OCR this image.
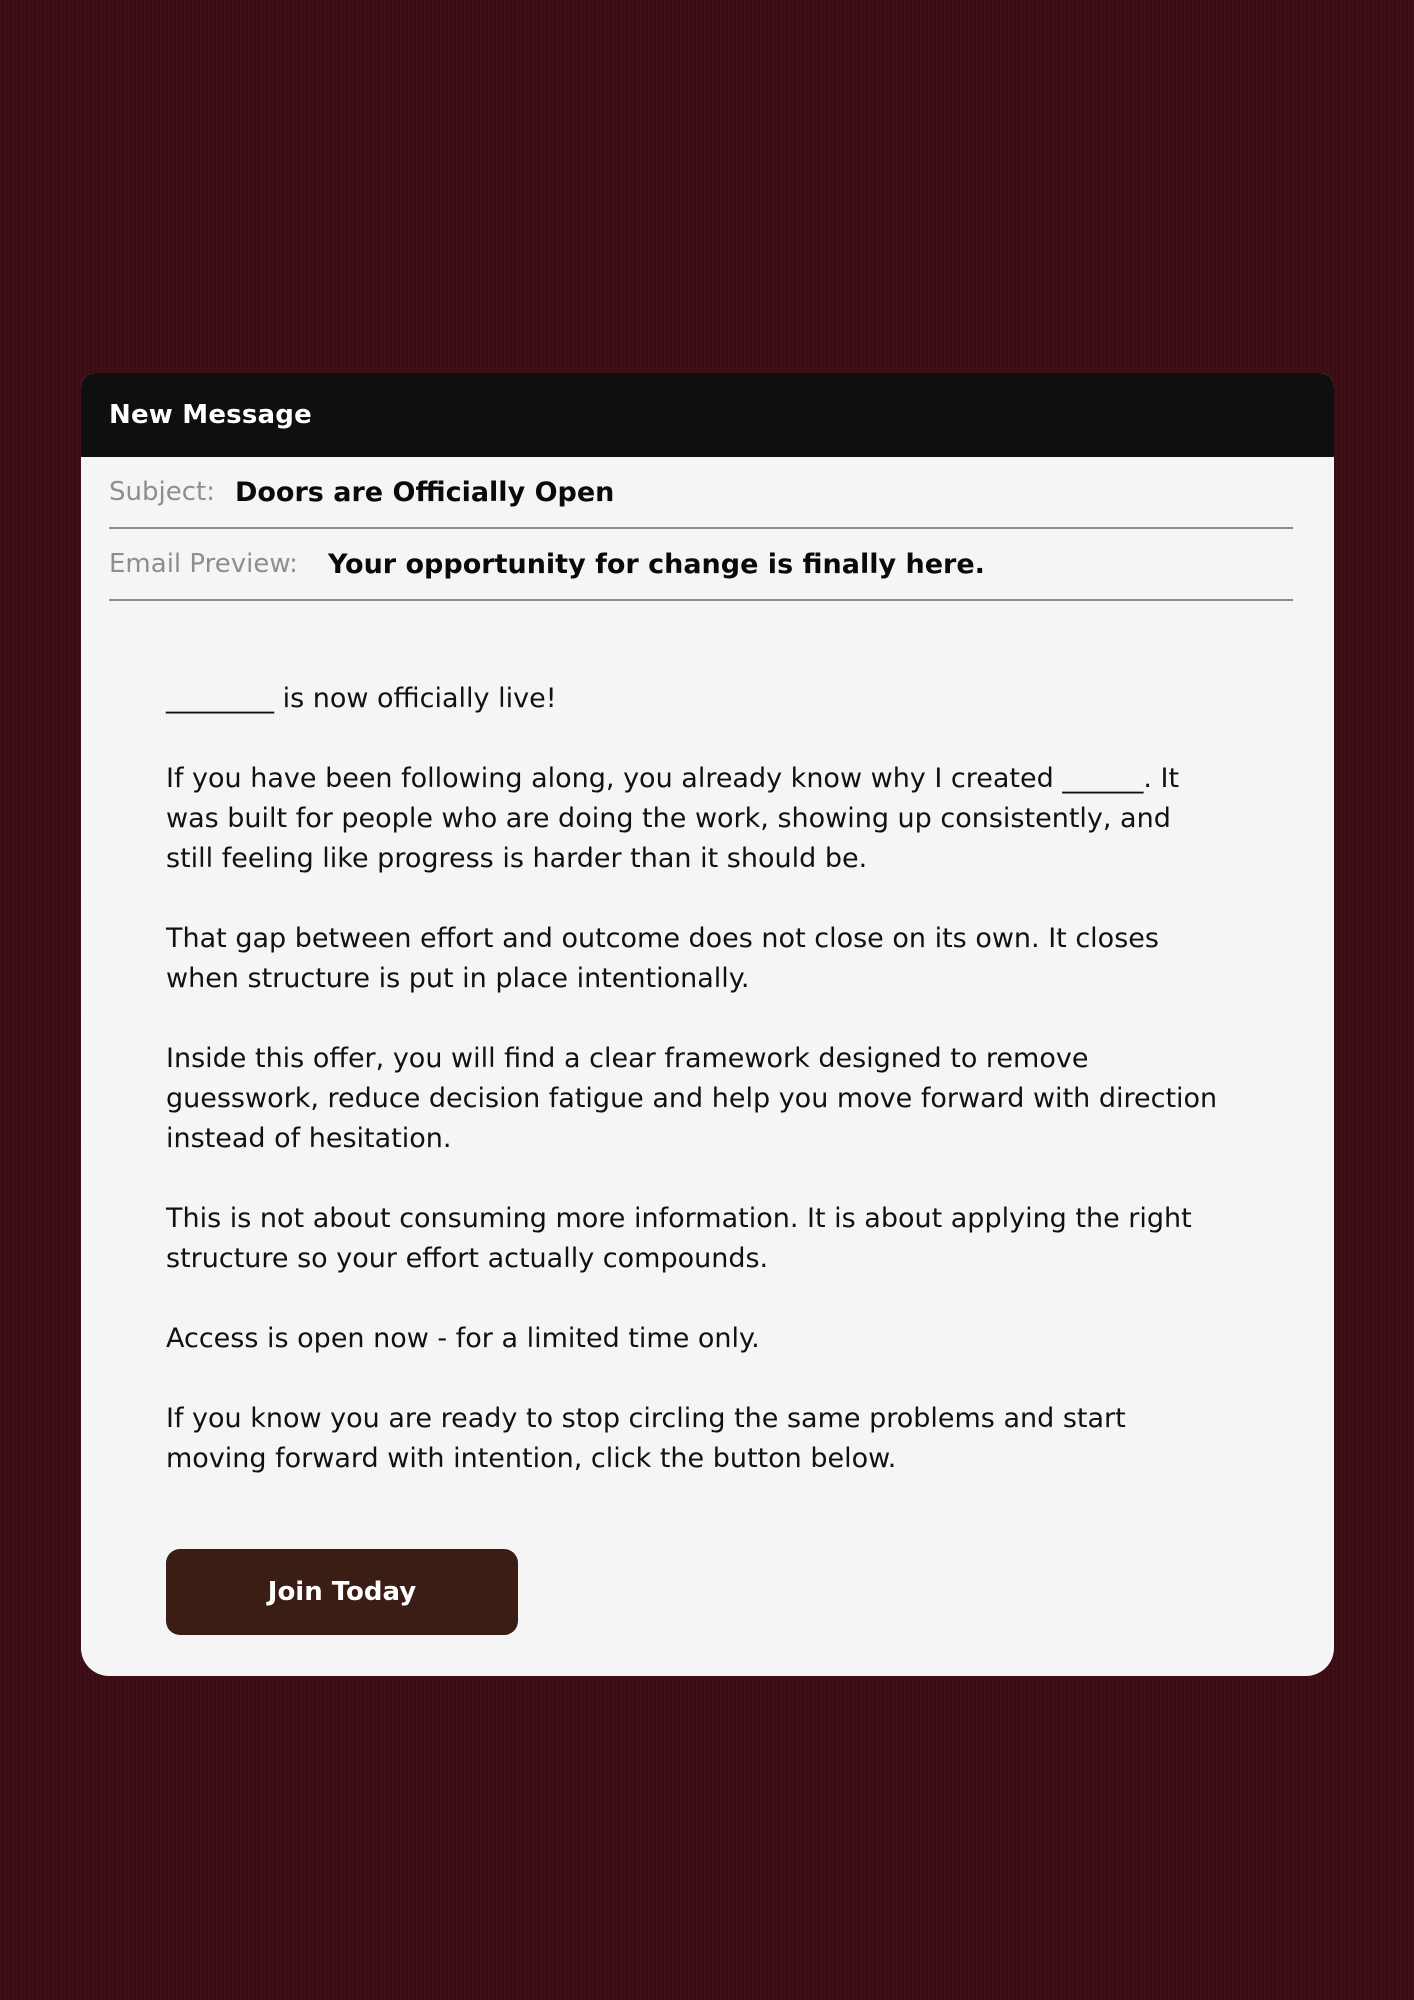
New Message
Subject: Doors are Officially Open
Email Preview: Your opportunity for change is finally here.

________ is now officially live!

If you have been following along, you already know why I created ______. It was built for people who are doing the work, showing up consistently, and still feeling like progress is harder than it should be.

That gap between effort and outcome does not close on its own. It closes when structure is put in place intentionally.

Inside this offer, you will find a clear framework designed to remove guesswork, reduce decision fatigue and help you move forward with direction instead of hesitation.

This is not about consuming more information. It is about applying the right structure so your effort actually compounds.

Access is open now - for a limited time only.

If you know you are ready to stop circling the same problems and start moving forward with intention, click the button below.

Join Today
